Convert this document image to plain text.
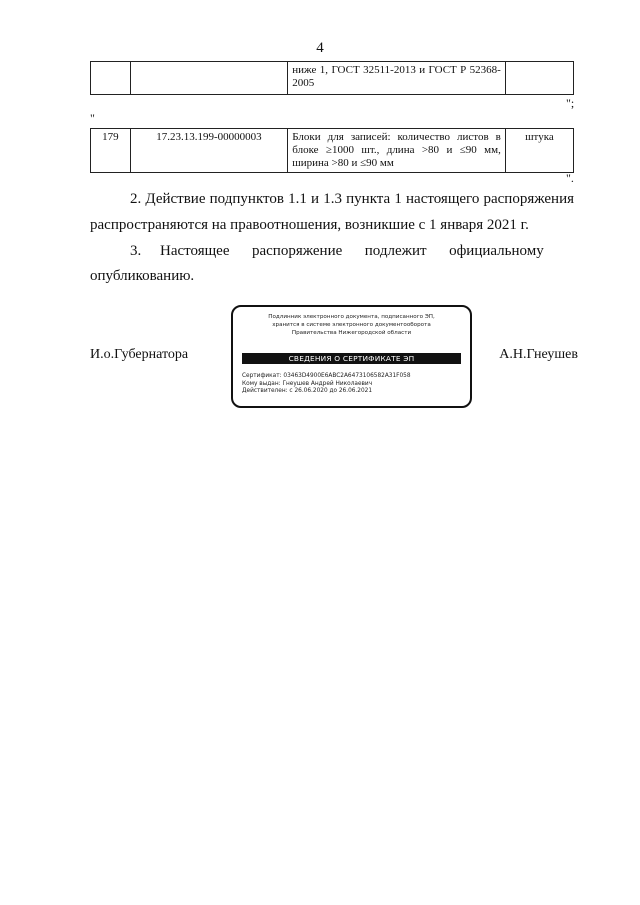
4
		ниже 1, ГОСТ 32511-2013 и ГОСТ Р 52368-2005	
";
"
179	17.23.13.199-00000003	Блоки для записей: количество листов в блоке ≥1000 шт., длина >80 и ≤90 мм, ширина >80 и ≤90 мм	штука
".
2. Действие подпунктов 1.1 и 1.3 пункта 1 настоящего распоряжения
распространяются на правоотношения, возникшие с 1 января 2021 г.
3.     Настоящее      распоряжение      подлежит      официальному
опубликованию.
И.о.Губернатора	А.Н.Гнеушев
Подлинник электронного документа, подписанного ЭП,
хранится в системе электронного документооборота
Правительства Нижегородской области
СВЕДЕНИЯ О СЕРТИФИКАТЕ ЭП
Сертификат: 03463D4900E6ABC2A6473106582A31F058
Кому выдан: Гнеушев Андрей Николаевич
Действителен: с 26.06.2020 до 26.06.2021
